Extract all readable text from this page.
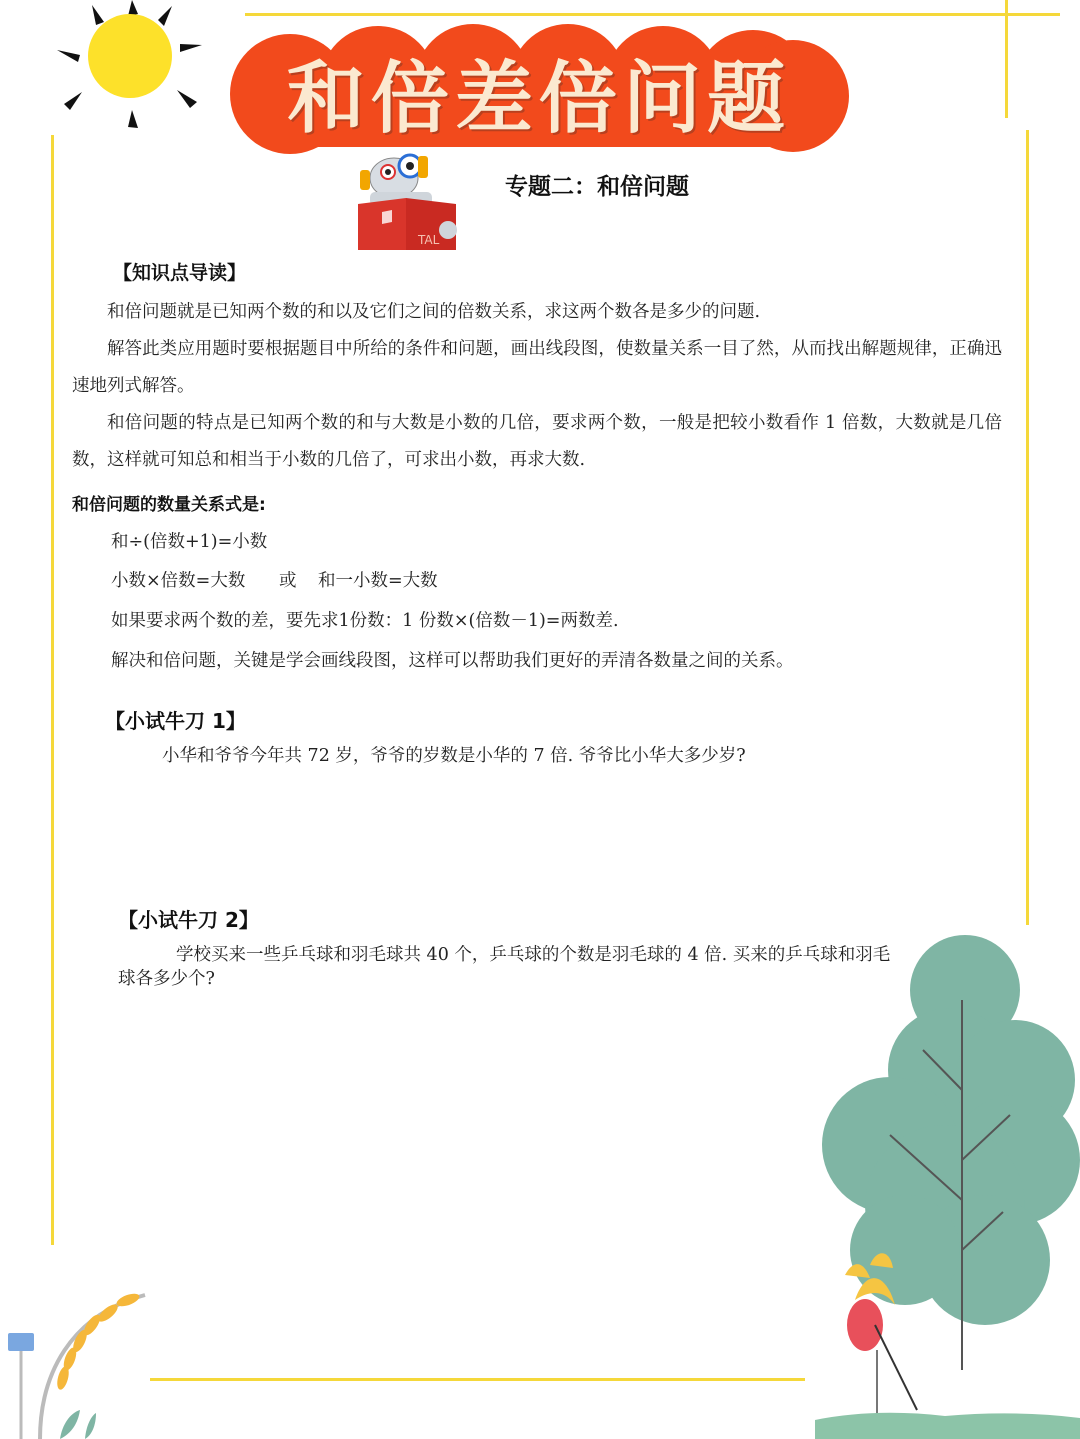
和倍差倍问题
TAL
专题二：和倍问题
【知识点导读】
和倍问题就是已知两个数的和以及它们之间的倍数关系，求这两个数各是多少的问题.
解答此类应用题时要根据题目中所给的条件和问题，画出线段图，使数量关系一目了然，从而找出解题规律，正确迅速地列式解答。
和倍问题的特点是已知两个数的和与大数是小数的几倍，要求两个数，一般是把较小数看作 1 倍数，大数就是几倍数，这样就可知总和相当于小数的几倍了，可求出小数，再求大数.
和倍问题的数量关系式是:
和÷(倍数+1)=小数
小数×倍数=大数 或 和一小数=大数
如果要求两个数的差，要先求1份数：1 份数×(倍数－1)=两数差.
解决和倍问题，关键是学会画线段图，这样可以帮助我们更好的弄清各数量之间的关系。
【小试牛刀 1】
小华和爷爷今年共 72 岁，爷爷的岁数是小华的 7 倍. 爷爷比小华大多少岁?
【小试牛刀 2】
学校买来一些乒乓球和羽毛球共 40 个，乒乓球的个数是羽毛球的 4 倍. 买来的乒乓球和羽毛
球各多少个?
